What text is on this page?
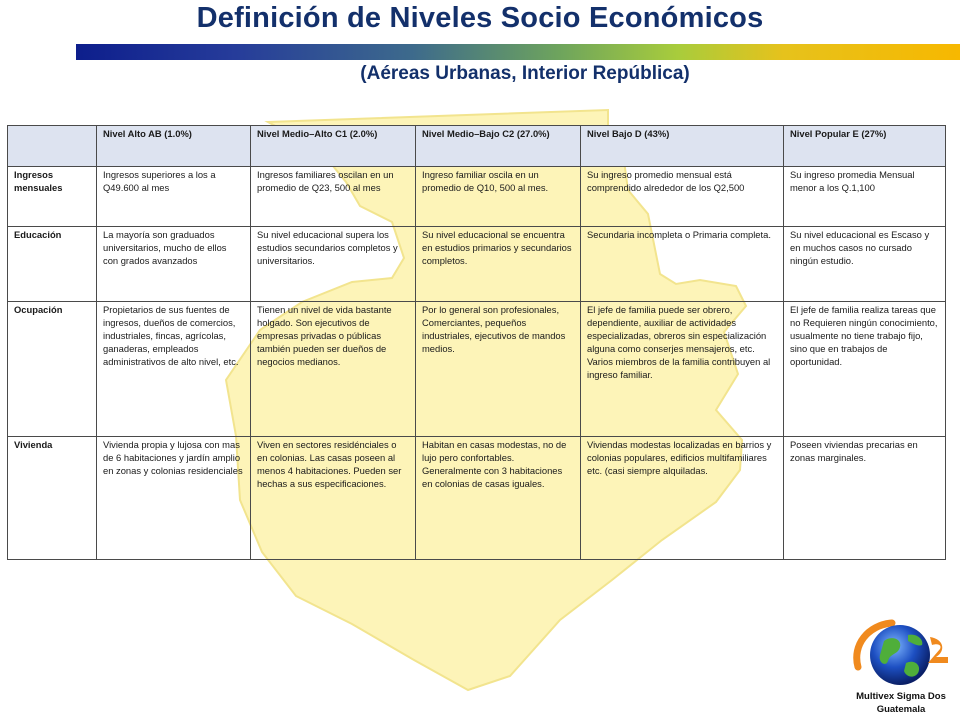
Definición de Niveles Socio Económicos
(Aéreas Urbanas, Interior República)
	Nivel Alto AB (1.0%)	Nivel Medio–Alto C1 (2.0%)	Nivel Medio–Bajo C2 (27.0%)	Nivel Bajo D (43%)	Nivel Popular E (27%)
Ingresos mensuales	Ingresos superiores a los a Q49.600 al mes	Ingresos familiares oscilan en un promedio de Q23, 500 al mes	Ingreso familiar oscila en un promedio de Q10, 500 al mes.	Su ingreso promedio mensual está comprendido alrededor de los Q2,500	Su ingreso promedia Mensual menor a los Q.1,100
Educación	La mayoría son graduados universitarios, mucho de ellos con grados avanzados	Su nivel educacional supera los estudios secundarios completos y universitarios.	Su nivel educacional se encuentra en estudios primarios y secundarios completos.	Secundaria incompleta o Primaria completa.	Su nivel educacional es Escaso y en muchos casos no cursado ningún estudio.
Ocupación	Propietarios de sus fuentes de ingresos, dueños de comercios, industriales, fincas, agrícolas, ganaderas, empleados administrativos de alto nivel, etc.	Tienen un nivel de vida bastante holgado. Son ejecutivos de empresas privadas o públicas también pueden ser dueños de negocios medianos.	Por lo general son profesionales, Comerciantes, pequeños industriales, ejecutivos de mandos medios.	El jefe de familia puede ser obrero, dependiente, auxiliar de actividades especializadas, obreros sin especialización alguna como conserjes mensajeros, etc. Varios miembros de la familia contribuyen al ingreso familiar.	El jefe de familia realiza tareas que no Requieren ningún conocimiento, usualmente no tiene trabajo fijo, sino que en trabajos de oportunidad.
Vivienda	Vivienda propia y lujosa con mas de 6 habitaciones y jardín amplio en zonas y colonias residenciales	Viven en sectores residénciales o en colonias. Las casas poseen al menos 4 habitaciones. Pueden ser hechas a sus especificaciones.	Habitan en casas modestas, no de lujo pero confortables. Generalmente con 3 habitaciones en colonias de casas iguales.	Viviendas modestas localizadas en barrios y colonias populares, edificios multifamiliares etc. (casi siempre alquiladas.	Poseen viviendas precarias en zonas marginales.
Multivex Sigma Dos
Guatemala
